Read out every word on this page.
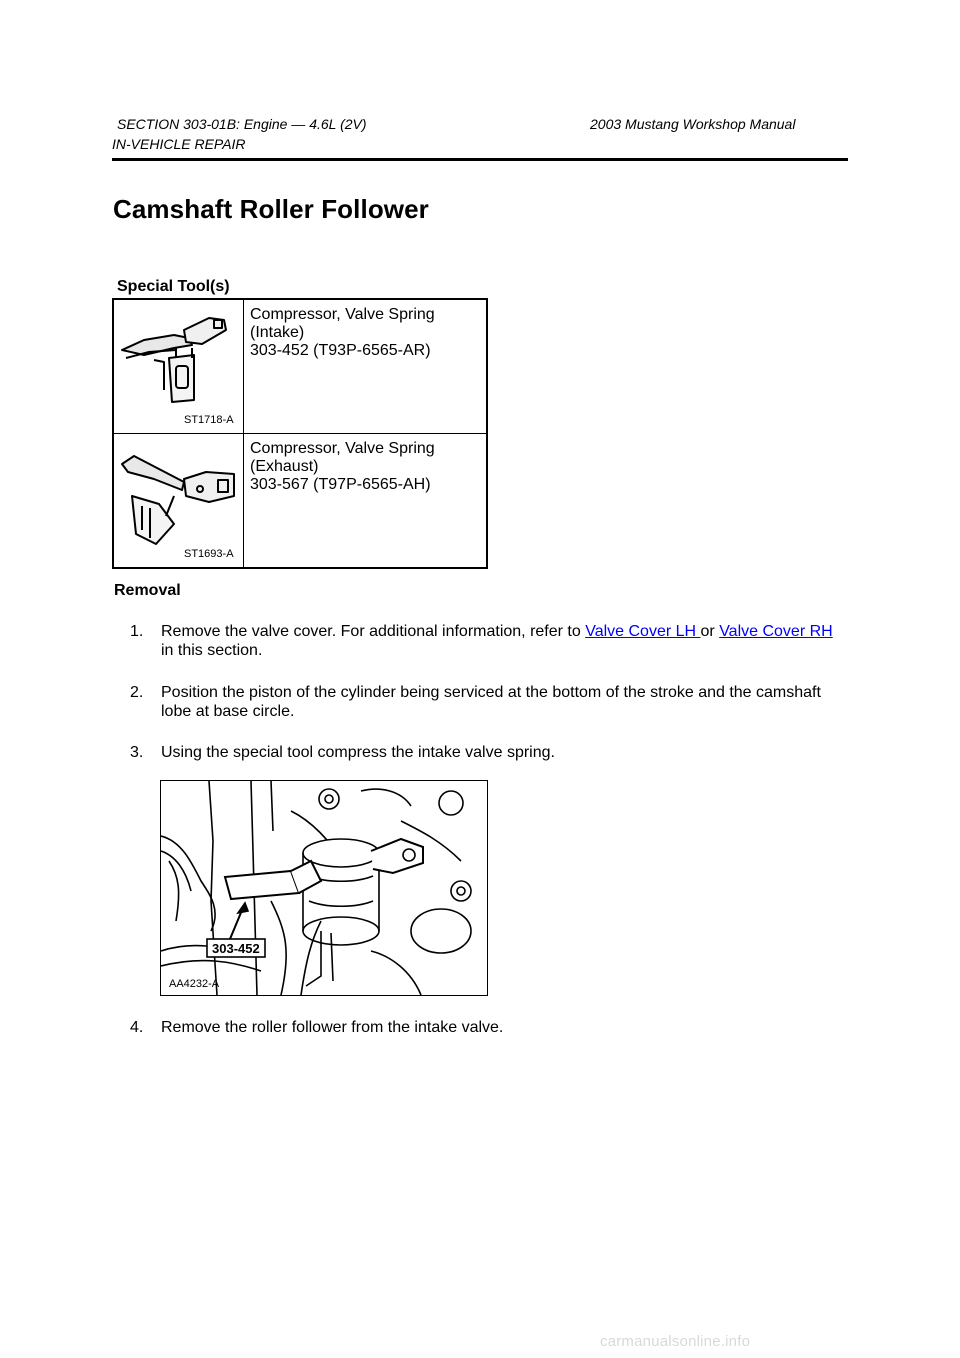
SECTION 303-01B: Engine — 4.6L (2V)	2003 Mustang Workshop Manual
IN-VEHICLE REPAIR
Camshaft Roller Follower
Special Tool(s)
ST1718-A	Compressor, Valve Spring
(Intake)
303-452 (T93P-6565-AR)

ST1693-A	Compressor, Valve Spring
(Exhaust)
303-567 (T97P-6565-AH)
Removal
1. Remove the valve cover. For additional information, refer to Valve Cover LH or Valve Cover RH
in this section.
2. Position the piston of the cylinder being serviced at the bottom of the stroke and the camshaft
lobe at base circle.
3. Using the special tool compress the intake valve spring.
303-452
AA4232-A
4. Remove the roller follower from the intake valve.
carmanualsonline.info
